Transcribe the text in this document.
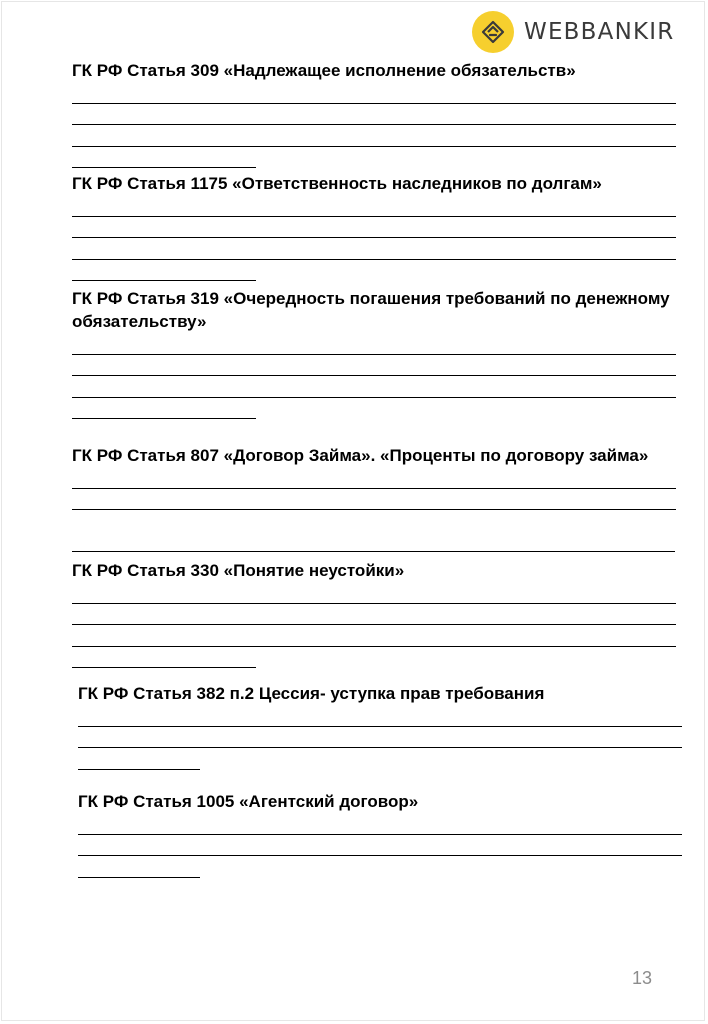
WEBBANKIR

ГК РФ Статья 309 «Надлежащее исполнение обязательств»

ГК РФ Статья 1175 «Ответственность наследников по долгам»

ГК РФ Статья 319 «Очередность погашения требований по денежному обязательству»

ГК РФ Статья 807 «Договор Займа». «Проценты по договору займа»

ГК РФ Статья 330 «Понятие неустойки»

ГК РФ Статья 382 п.2 Цессия- уступка прав требования

ГК РФ Статья 1005 «Агентский договор»

13
